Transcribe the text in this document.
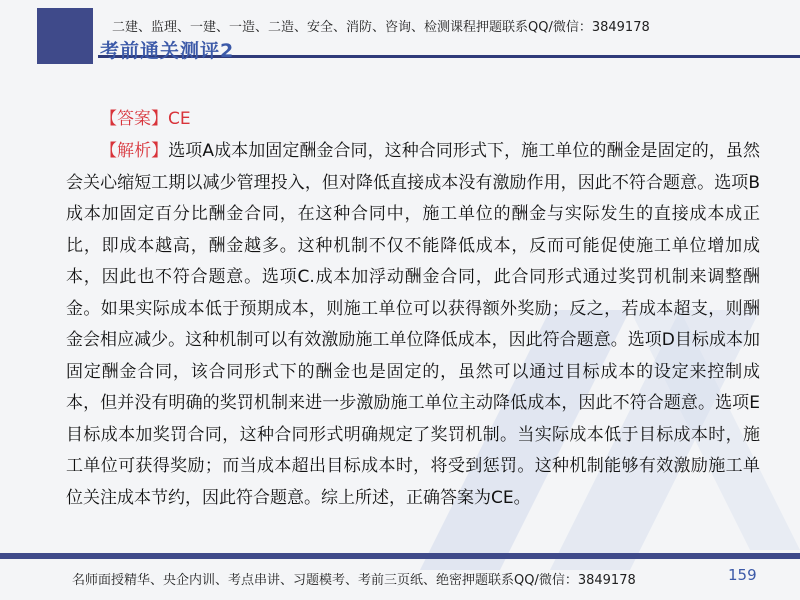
二建、监理、一建、一造、二造、安全、消防、咨询、检测课程押题联系QQ/微信：3849178
考前通关测评2
【答案】CE
【解析】选项A成本加固定酬金合同，这种合同形式下，施工单位的酬金是固定的，虽然会关心缩短工期以减少管理投入，但对降低直接成本没有激励作用，因此不符合题意。选项B成本加固定百分比酬金合同，在这种合同中，施工单位的酬金与实际发生的直接成本成正比，即成本越高，酬金越多。这种机制不仅不能降低成本，反而可能促使施工单位增加成本，因此也不符合题意。选项C.成本加浮动酬金合同，此合同形式通过奖罚机制来调整酬金。如果实际成本低于预期成本，则施工单位可以获得额外奖励；反之，若成本超支，则酬金会相应减少。这种机制可以有效激励施工单位降低成本，因此符合题意。选项D目标成本加固定酬金合同，该合同形式下的酬金也是固定的，虽然可以通过目标成本的设定来控制成本，但并没有明确的奖罚机制来进一步激励施工单位主动降低成本，因此不符合题意。选项E目标成本加奖罚合同，这种合同形式明确规定了奖罚机制。当实际成本低于目标成本时，施工单位可获得奖励；而当成本超出目标成本时，将受到惩罚。这种机制能够有效激励施工单位关注成本节约，因此符合题意。综上所述，正确答案为CE。
名师面授精华、央企内训、考点串讲、习题模考、考前三页纸、绝密押题联系QQ/微信：3849178	159
